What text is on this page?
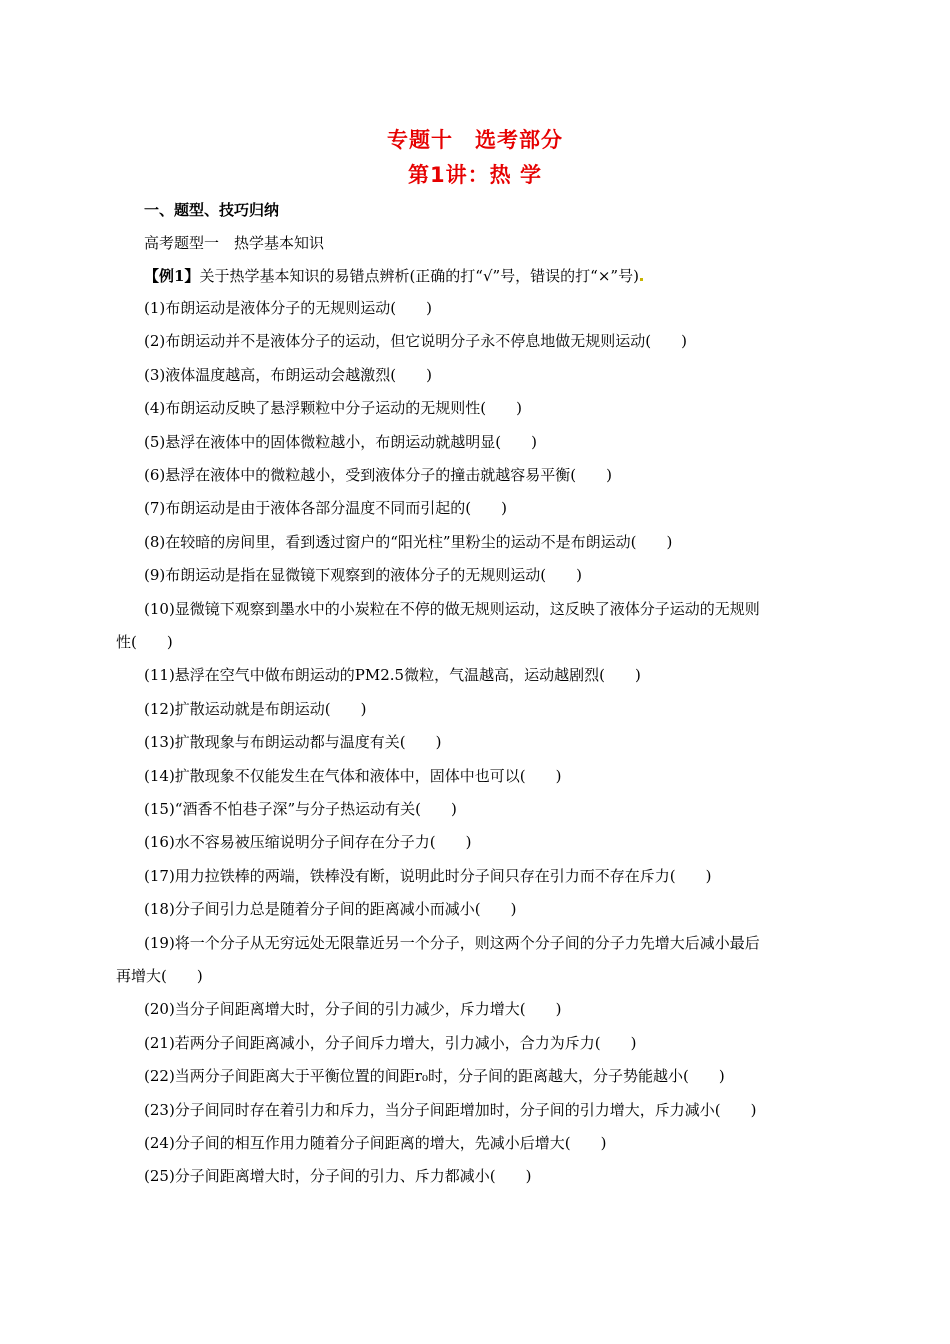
专题十　选考部分
第1讲：热 学
一、题型、技巧归纳
高考题型一　热学基本知识
【例1】关于热学基本知识的易错点辨析(正确的打“√”号，错误的打“×”号)
(1)布朗运动是液体分子的无规则运动(　　)
(2)布朗运动并不是液体分子的运动，但它说明分子永不停息地做无规则运动(　　)
(3)液体温度越高，布朗运动会越激烈(　　)
(4)布朗运动反映了悬浮颗粒中分子运动的无规则性(　　)
(5)悬浮在液体中的固体微粒越小，布朗运动就越明显(　　)
(6)悬浮在液体中的微粒越小，受到液体分子的撞击就越容易平衡(　　)
(7)布朗运动是由于液体各部分温度不同而引起的(　　)
(8)在较暗的房间里，看到透过窗户的“阳光柱”里粉尘的运动不是布朗运动(　　)
(9)布朗运动是指在显微镜下观察到的液体分子的无规则运动(　　)
(10)显微镜下观察到墨水中的小炭粒在不停的做无规则运动，这反映了液体分子运动的无规则
性(　　)
(11)悬浮在空气中做布朗运动的PM2.5微粒，气温越高，运动越剧烈(　　)
(12)扩散运动就是布朗运动(　　)
(13)扩散现象与布朗运动都与温度有关(　　)
(14)扩散现象不仅能发生在气体和液体中，固体中也可以(　　)
(15)“酒香不怕巷子深”与分子热运动有关(　　)
(16)水不容易被压缩说明分子间存在分子力(　　)
(17)用力拉铁棒的两端，铁棒没有断，说明此时分子间只存在引力而不存在斥力(　　)
(18)分子间引力总是随着分子间的距离减小而减小(　　)
(19)将一个分子从无穷远处无限靠近另一个分子，则这两个分子间的分子力先增大后减小最后
再增大(　　)
(20)当分子间距离增大时，分子间的引力减少，斥力增大(　　)
(21)若两分子间距离减小，分子间斥力增大，引力减小，合力为斥力(　　)
(22)当两分子间距离大于平衡位置的间距r₀时，分子间的距离越大，分子势能越小(　　)
(23)分子间同时存在着引力和斥力，当分子间距增加时，分子间的引力增大，斥力减小(　　)
(24)分子间的相互作用力随着分子间距离的增大，先减小后增大(　　)
(25)分子间距离增大时，分子间的引力、斥力都减小(　　)
